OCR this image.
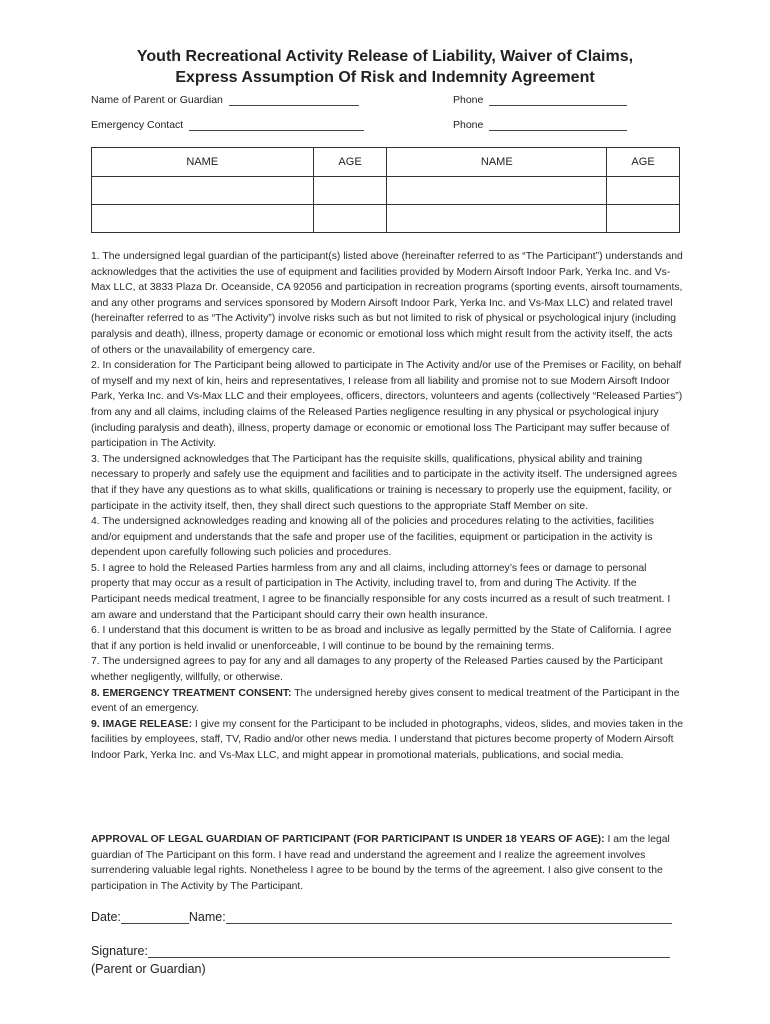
Youth Recreational Activity Release of Liability, Waiver of Claims,
Express Assumption Of Risk and Indemnity Agreement
Name of Parent or Guardian	Phone
Emergency Contact	Phone
NAME	AGE	NAME	AGE

1. The undersigned legal guardian of the participant(s) listed above (hereinafter referred to as “The Participant”) understands and acknowledges that the activities the use of equipment and facilities provided by Modern Airsoft Indoor Park, Yerka Inc. and Vs-Max LLC, at 3833 Plaza Dr. Oceanside, CA 92056 and participation in recreation programs (sporting events, airsoft tournaments, and any other programs and services sponsored by Modern Airsoft Indoor Park, Yerka Inc. and Vs-Max LLC) and related travel (hereinafter referred to as “The Activity”) involve risks such as but not limited to risk of physical or psychological injury (including paralysis and death), illness, property damage or economic or emotional loss which might result from the activity itself, the acts of others or the unavailability of emergency care.

2. In consideration for The Participant being allowed to participate in The Activity and/or use of the Premises or Facility, on behalf of myself and my next of kin, heirs and representatives, I release from all liability and promise not to sue Modern Airsoft Indoor Park, Yerka Inc. and Vs-Max LLC and their employees, officers, directors, volunteers and agents (collectively “Released Parties”) from any and all claims, including claims of the Released Parties negligence resulting in any physical or psychological injury (including paralysis and death), illness, property damage or economic or emotional loss The Participant may suffer because of participation in The Activity.

3. The undersigned acknowledges that The Participant has the requisite skills, qualifications, physical ability and training necessary to properly and safely use the equipment and facilities and to participate in the activity itself. The undersigned agrees that if they have any questions as to what skills, qualifications or training is necessary to properly use the equipment, facility, or participate in the activity itself, then, they shall direct such questions to the appropriate Staff Member on site.

4. The undersigned acknowledges reading and knowing all of the policies and procedures relating to the activities, facilities and/or equipment and understands that the safe and proper use of the facilities, equipment or participation in the activity is dependent upon carefully following such policies and procedures.

5. I agree to hold the Released Parties harmless from any and all claims, including attorney’s fees or damage to personal property that may occur as a result of participation in The Activity, including travel to, from and during The Activity. If the Participant needs medical treatment, I agree to be financially responsible for any costs incurred as a result of such treatment. I am aware and understand that the Participant should carry their own health insurance.

6. I understand that this document is written to be as broad and inclusive as legally permitted by the State of California. I agree that if any portion is held invalid or unenforceable, I will continue to be bound by the remaining terms.

7. The undersigned agrees to pay for any and all damages to any property of the Released Parties caused by the Participant whether negligently, willfully, or otherwise.

8. EMERGENCY TREATMENT CONSENT: The undersigned hereby gives consent to medical treatment of the Participant in the event of an emergency.

9. IMAGE RELEASE: I give my consent for the Participant to be included in photographs, videos, slides, and movies taken in the facilities by employees, staff, TV, Radio and/or other news media. I understand that pictures become property of Modern Airsoft Indoor Park, Yerka Inc. and Vs-Max LLC, and might appear in promotional materials, publications, and social media.

APPROVAL OF LEGAL GUARDIAN OF PARTICIPANT (FOR PARTICIPANT IS UNDER 18 YEARS OF AGE): I am the legal guardian of The Participant on this form. I have read and understand the agreement and I realize the agreement involves surrendering valuable legal rights. Nonetheless I agree to be bound by the terms of the agreement. I also give consent to the participation in The Activity by The Participant.

Date:	Name:
Signature:
(Parent or Guardian)
